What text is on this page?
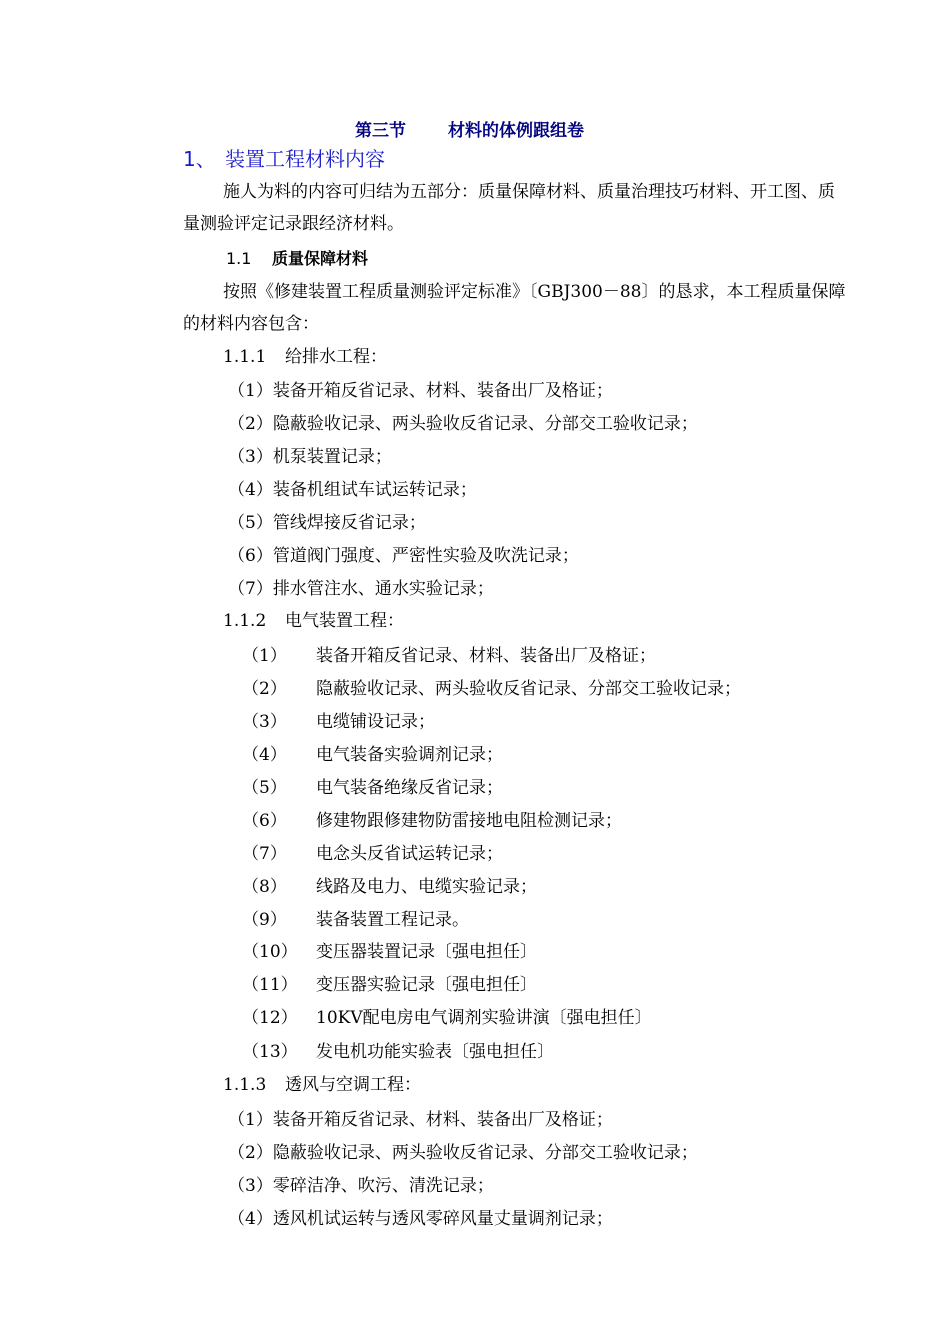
第三节 材料的体例跟组卷
1、 装置工程材料内容
施人为料的内容可归结为五部分：质量保障材料、质量治理技巧材料、开工图、质量测验评定记录跟经济材料。
1.1 质量保障材料
按照《修建装置工程质量测验评定标准》〔GBJ300－88〕的恳求，本工程质量保障的材料内容包含：
1.1.1 给排水工程：
（1）装备开箱反省记录、材料、装备出厂及格证；
（2）隐蔽验收记录、两头验收反省记录、分部交工验收记录；
（3）机泵装置记录；
（4）装备机组试车试运转记录；
（5）管线焊接反省记录；
（6）管道阀门强度、严密性实验及吹洗记录；
（7）排水管注水、通水实验记录；
1.1.2 电气装置工程：
（1） 装备开箱反省记录、材料、装备出厂及格证；
（2） 隐蔽验收记录、两头验收反省记录、分部交工验收记录；
（3） 电缆铺设记录；
（4） 电气装备实验调剂记录；
（5） 电气装备绝缘反省记录；
（6） 修建物跟修建物防雷接地电阻检测记录；
（7） 电念头反省试运转记录；
（8） 线路及电力、电缆实验记录；
（9） 装备装置工程记录。
（10） 变压器装置记录〔强电担任〕
（11） 变压器实验记录〔强电担任〕
（12） 10KV配电房电气调剂实验讲演〔强电担任〕
（13） 发电机功能实验表〔强电担任〕
1.1.3 透风与空调工程：
（1）装备开箱反省记录、材料、装备出厂及格证；
（2）隐蔽验收记录、两头验收反省记录、分部交工验收记录；
（3）零碎洁净、吹污、清洗记录；
（4）透风机试运转与透风零碎风量丈量调剂记录；
